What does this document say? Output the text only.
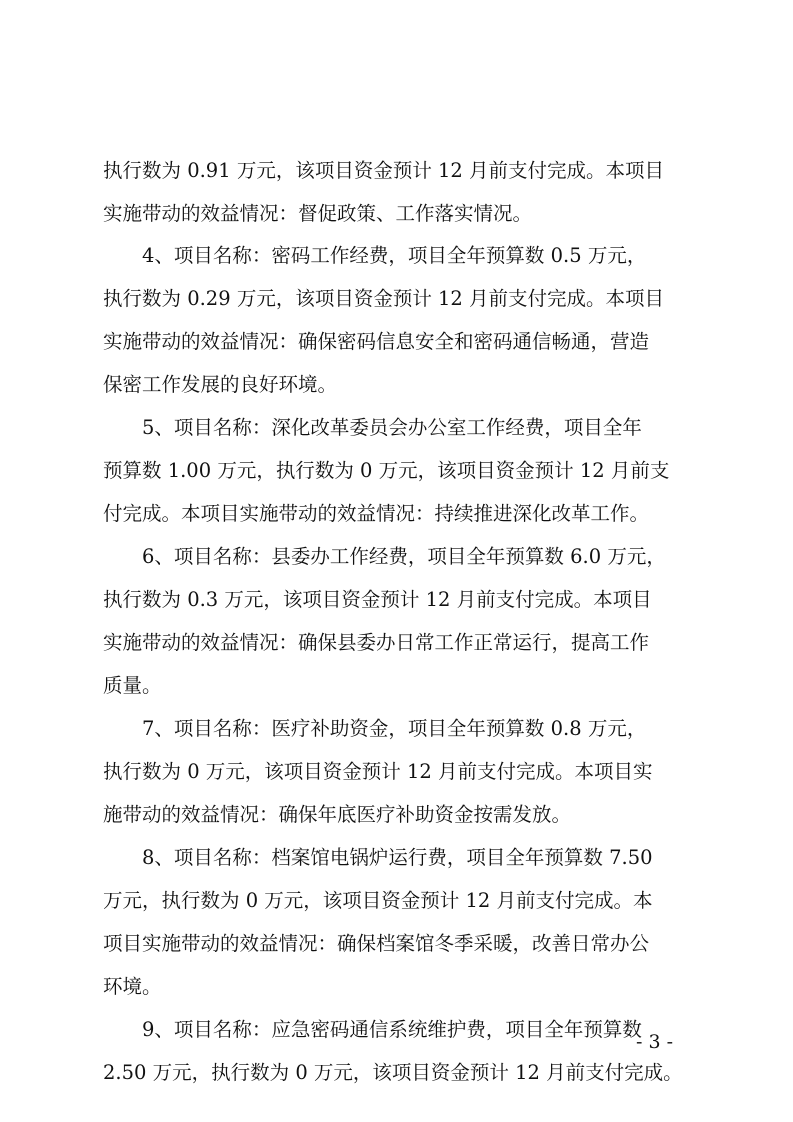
执行数为 0.91 万元，该项目资金预计 12 月前支付完成。本项目
实施带动的效益情况：督促政策、工作落实情况。
　　4、项目名称：密码工作经费，项目全年预算数 0.5 万元，
执行数为 0.29 万元，该项目资金预计 12 月前支付完成。本项目
实施带动的效益情况：确保密码信息安全和密码通信畅通，营造
保密工作发展的良好环境。
　　5、项目名称：深化改革委员会办公室工作经费，项目全年
预算数 1.00 万元，执行数为 0 万元，该项目资金预计 12 月前支
付完成。本项目实施带动的效益情况：持续推进深化改革工作。
　　6、项目名称：县委办工作经费，项目全年预算数 6.0 万元，
执行数为 0.3 万元，该项目资金预计 12 月前支付完成。本项目
实施带动的效益情况：确保县委办日常工作正常运行，提高工作
质量。
　　7、项目名称：医疗补助资金，项目全年预算数 0.8 万元，
执行数为 0 万元，该项目资金预计 12 月前支付完成。本项目实
施带动的效益情况：确保年底医疗补助资金按需发放。
　　8、项目名称：档案馆电锅炉运行费，项目全年预算数 7.50
万元，执行数为 0 万元，该项目资金预计 12 月前支付完成。本
项目实施带动的效益情况：确保档案馆冬季采暖，改善日常办公
环境。
　　9、项目名称：应急密码通信系统维护费，项目全年预算数
2.50 万元，执行数为 0 万元，该项目资金预计 12 月前支付完成。
- 3 -
